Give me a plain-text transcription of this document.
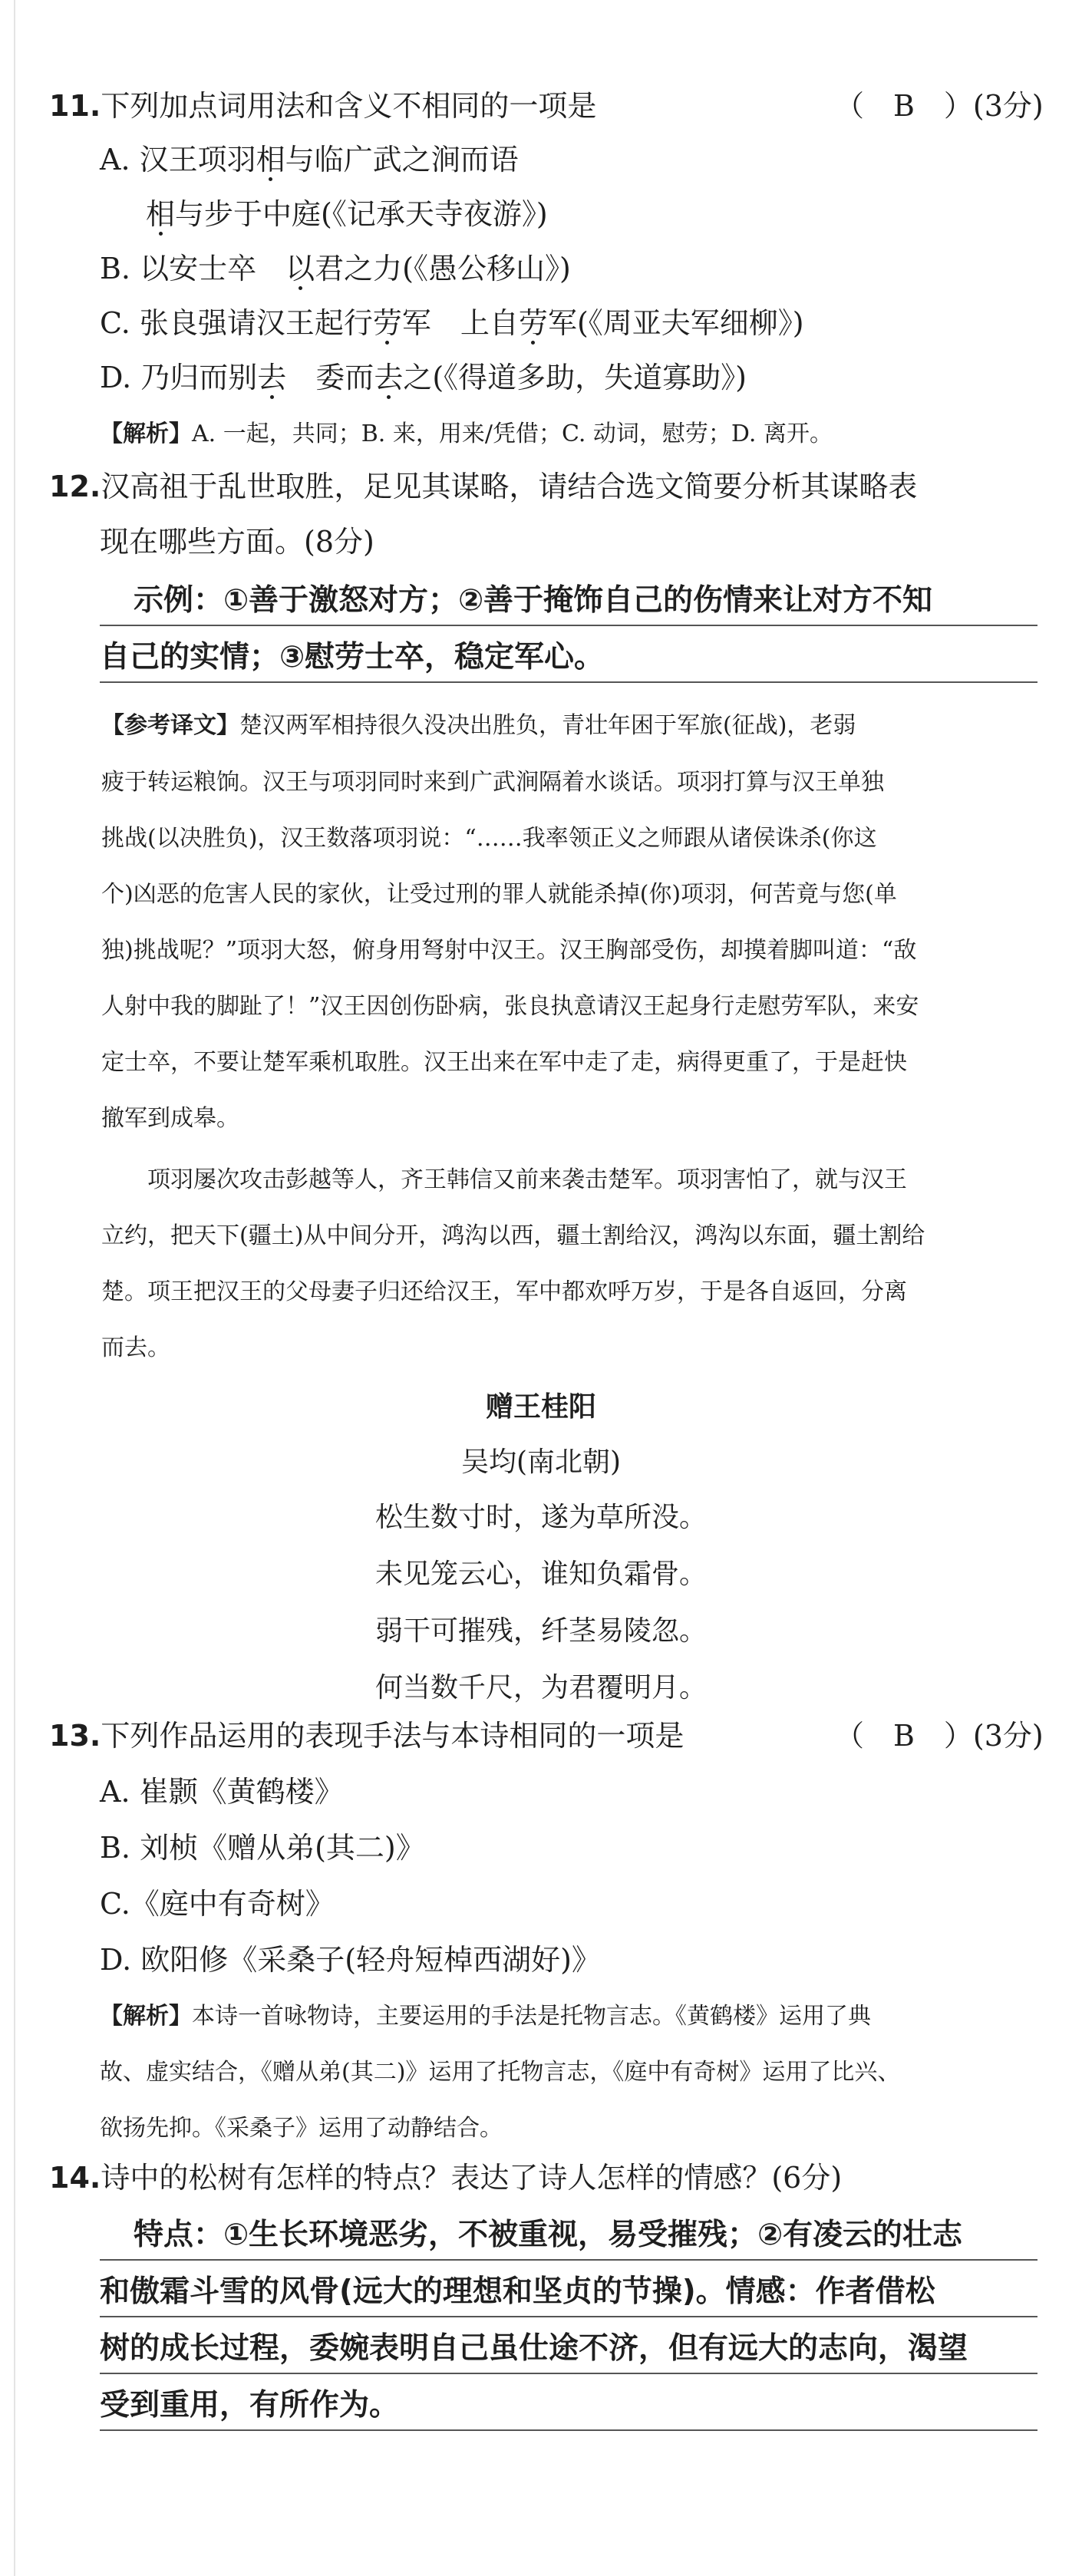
11.下列加点词用法和含义不相同的一项是	（　B　）(3分)
A. 汉王项羽相与临广武之涧而语
相与步于中庭(《记承天寺夜游》)
B. 以安士卒　以君之力(《愚公移山》)
C. 张良强请汉王起行劳军　上自劳军(《周亚夫军细柳》)
D. 乃归而别去　委而去之(《得道多助，失道寡助》)
【解析】A. 一起，共同；B. 来，用来/凭借；C. 动词，慰劳；D. 离开。
12.汉高祖于乱世取胜，足见其谋略，请结合选文简要分析其谋略表
现在哪些方面。(8分)
示例：①善于激怒对方；②善于掩饰自己的伤情来让对方不知
自己的实情；③慰劳士卒，稳定军心。
【参考译文】楚汉两军相持很久没决出胜负，青壮年困于军旅(征战)，老弱
疲于转运粮饷。汉王与项羽同时来到广武涧隔着水谈话。项羽打算与汉王单独
挑战(以决胜负)，汉王数落项羽说：“……我率领正义之师跟从诸侯诛杀(你这
个)凶恶的危害人民的家伙，让受过刑的罪人就能杀掉(你)项羽，何苦竟与您(单
独)挑战呢？”项羽大怒，俯身用弩射中汉王。汉王胸部受伤，却摸着脚叫道：“敌
人射中我的脚趾了！”汉王因创伤卧病，张良执意请汉王起身行走慰劳军队，来安
定士卒，不要让楚军乘机取胜。汉王出来在军中走了走，病得更重了，于是赶快
撤军到成皋。
项羽屡次攻击彭越等人，齐王韩信又前来袭击楚军。项羽害怕了，就与汉王
立约，把天下(疆土)从中间分开，鸿沟以西，疆土割给汉，鸿沟以东面，疆土割给
楚。项王把汉王的父母妻子归还给汉王，军中都欢呼万岁，于是各自返回，分离
而去。
赠王桂阳
吴均(南北朝)
松生数寸时，遂为草所没。
未见笼云心，谁知负霜骨。
弱干可摧残，纤茎易陵忽。
何当数千尺，为君覆明月。
13.下列作品运用的表现手法与本诗相同的一项是	（　B　）(3分)
A. 崔颢《黄鹤楼》
B. 刘桢《赠从弟(其二)》
C.《庭中有奇树》
D. 欧阳修《采桑子(轻舟短棹西湖好)》
【解析】本诗一首咏物诗，主要运用的手法是托物言志。《黄鹤楼》运用了典
故、虚实结合，《赠从弟(其二)》运用了托物言志，《庭中有奇树》运用了比兴、
欲扬先抑。《采桑子》运用了动静结合。
14.诗中的松树有怎样的特点？表达了诗人怎样的情感？(6分)
特点：①生长环境恶劣，不被重视，易受摧残；②有凌云的壮志
和傲霜斗雪的风骨(远大的理想和坚贞的节操)。情感：作者借松
树的成长过程，委婉表明自己虽仕途不济，但有远大的志向，渴望
受到重用，有所作为。
